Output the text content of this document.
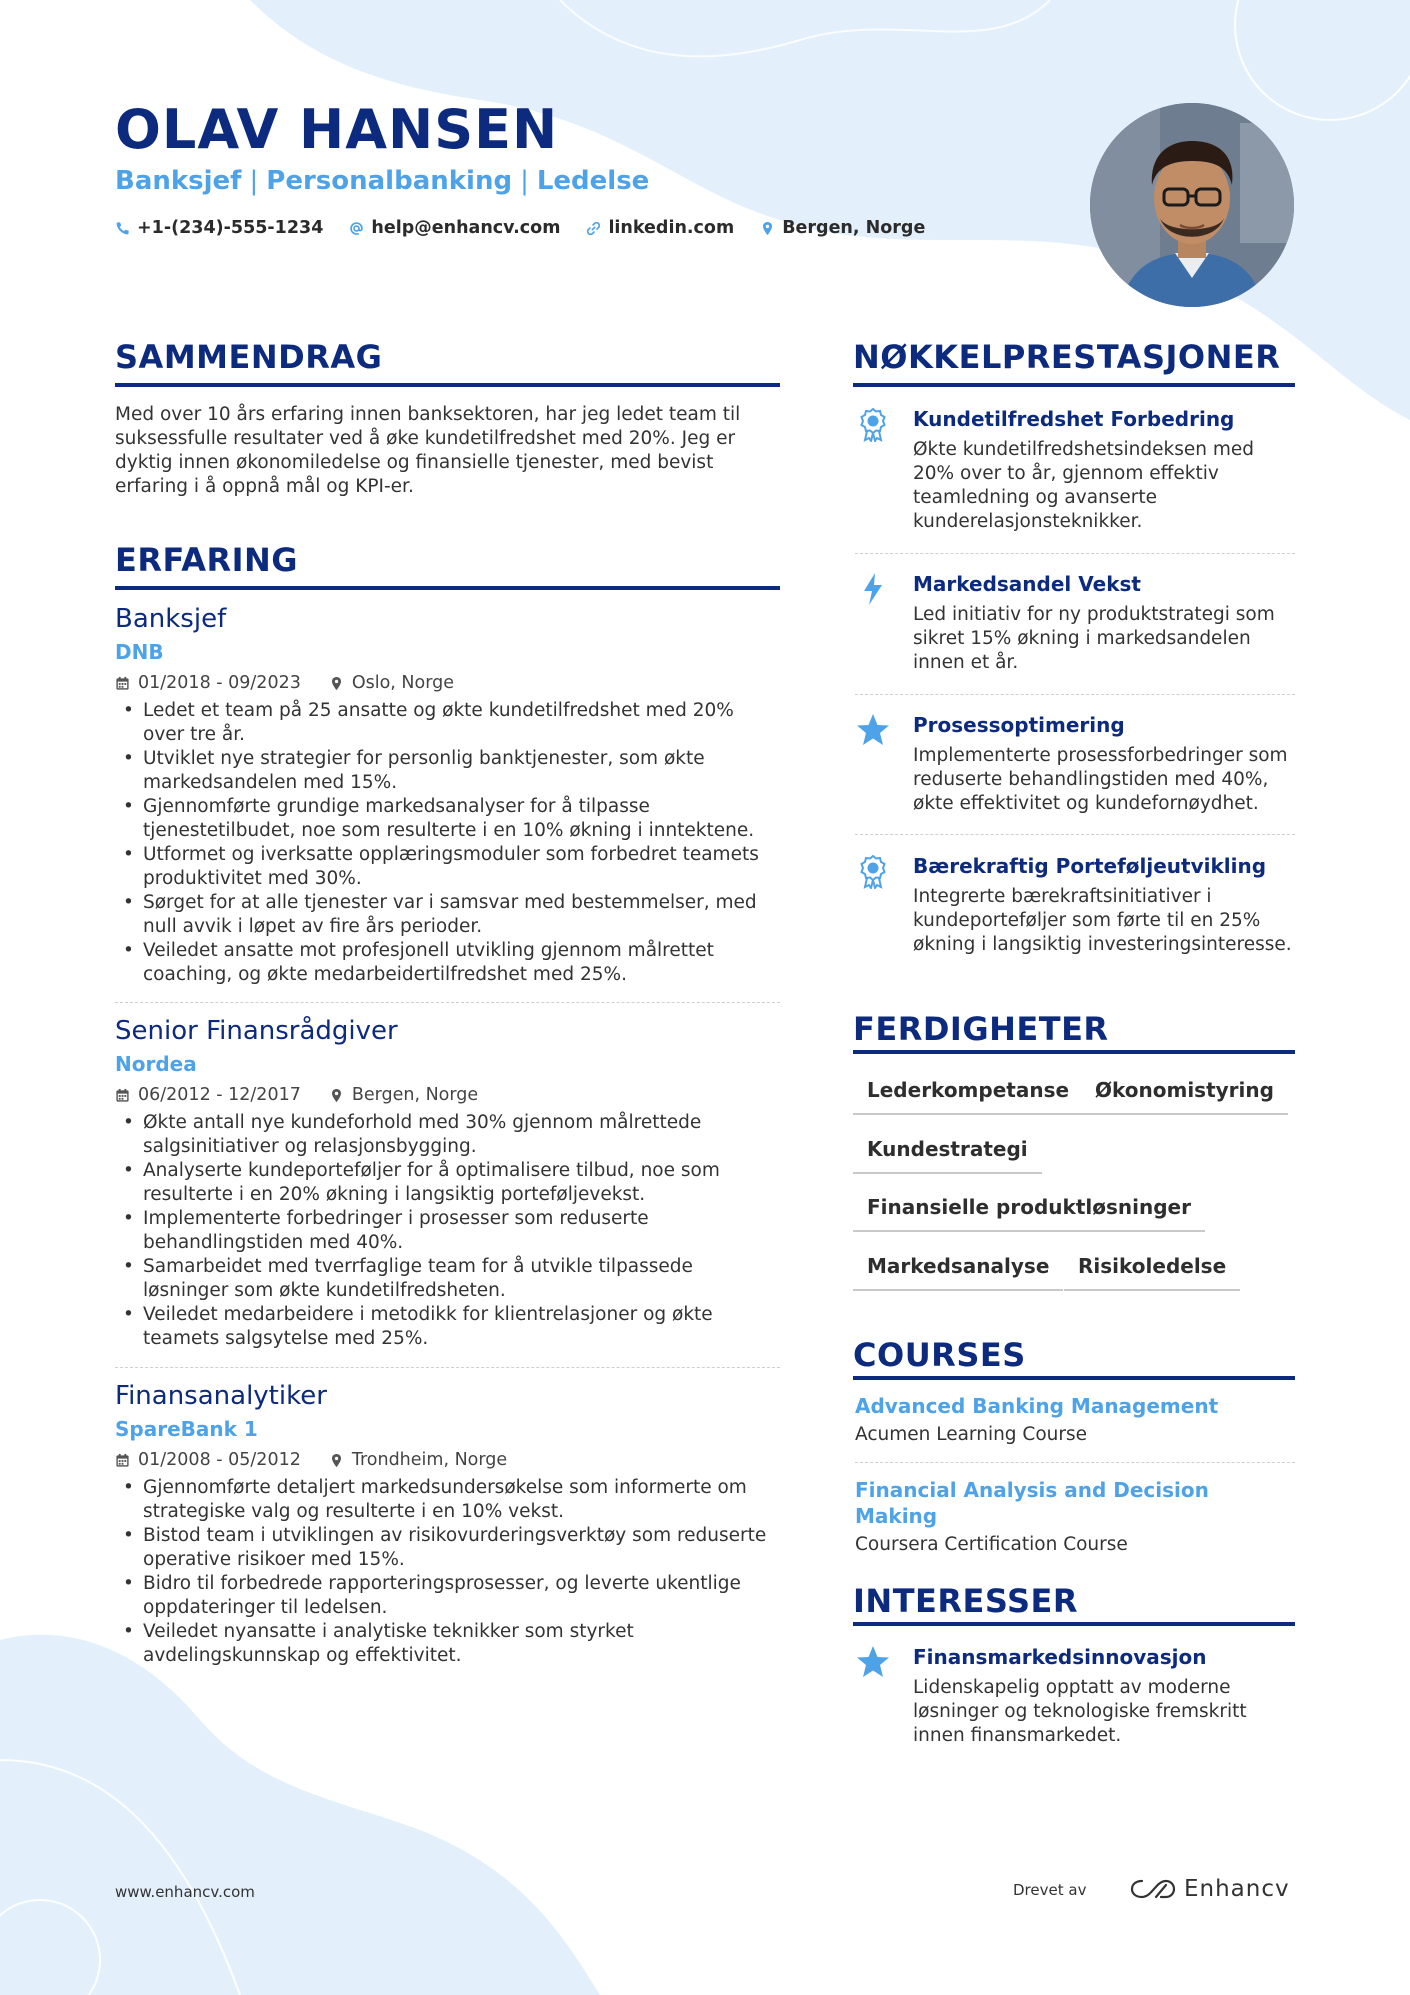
OLAV HANSEN
Banksjef | Personalbanking | Ledelse
+1-(234)-555-1234	help@enhancv.com	linkedin.com	Bergen, Norge
SAMMENDRAG
Med over 10 års erfaring innen banksektoren, har jeg ledet team til suksessfulle resultater ved å øke kundetilfredshet med 20%. Jeg er dyktig innen økonomiledelse og finansielle tjenester, med bevist erfaring i å oppnå mål og KPI-er.
ERFARING
Banksjef
DNB
01/2018 - 09/2023	Oslo, Norge
• Ledet et team på 25 ansatte og økte kundetilfredshet med 20% over tre år.
• Utviklet nye strategier for personlig banktjenester, som økte markedsandelen med 15%.
• Gjennomførte grundige markedsanalyser for å tilpasse tjenestetilbudet, noe som resulterte i en 10% økning i inntektene.
• Utformet og iverksatte opplæringsmoduler som forbedret teamets produktivitet med 30%.
• Sørget for at alle tjenester var i samsvar med bestemmelser, med null avvik i løpet av fire års perioder.
• Veiledet ansatte mot profesjonell utvikling gjennom målrettet coaching, og økte medarbeidertilfredshet med 25%.
Senior Finansrådgiver
Nordea
06/2012 - 12/2017	Bergen, Norge
• Økte antall nye kundeforhold med 30% gjennom målrettede salgsinitiativer og relasjonsbygging.
• Analyserte kundeporteføljer for å optimalisere tilbud, noe som resulterte i en 20% økning i langsiktig porteføljevekst.
• Implementerte forbedringer i prosesser som reduserte behandlingstiden med 40%.
• Samarbeidet med tverrfaglige team for å utvikle tilpassede løsninger som økte kundetilfredsheten.
• Veiledet medarbeidere i metodikk for klientrelasjoner og økte teamets salgsytelse med 25%.
Finansanalytiker
SpareBank 1
01/2008 - 05/2012	Trondheim, Norge
• Gjennomførte detaljert markedsundersøkelse som informerte om strategiske valg og resulterte i en 10% vekst.
• Bistod team i utviklingen av risikovurderingsverktøy som reduserte operative risikoer med 15%.
• Bidro til forbedrede rapporteringsprosesser, og leverte ukentlige oppdateringer til ledelsen.
• Veiledet nyansatte i analytiske teknikker som styrket avdelingskunnskap og effektivitet.
NØKKELPRESTASJONER
Kundetilfredshet Forbedring
Økte kundetilfredshetsindeksen med 20% over to år, gjennom effektiv teamledning og avanserte kunderelasjonsteknikker.
Markedsandel Vekst
Led initiativ for ny produktstrategi som sikret 15% økning i markedsandelen innen et år.
Prosessoptimering
Implementerte prosessforbedringer som reduserte behandlingstiden med 40%, økte effektivitet og kundefornøydhet.
Bærekraftig Porteføljeutvikling
Integrerte bærekraftsinitiativer i kundeporteføljer som førte til en 25% økning i langsiktig investeringsinteresse.
FERDIGHETER
Lederkompetanse	Økonomistyring
Kundestrategi
Finansielle produktløsninger
Markedsanalyse	Risikoledelse
COURSES
Advanced Banking Management
Acumen Learning Course
Financial Analysis and Decision Making
Coursera Certification Course
INTERESSER
Finansmarkedsinnovasjon
Lidenskapelig opptatt av moderne løsninger og teknologiske fremskritt innen finansmarkedet.
www.enhancv.com	Drevet av	Enhancv
